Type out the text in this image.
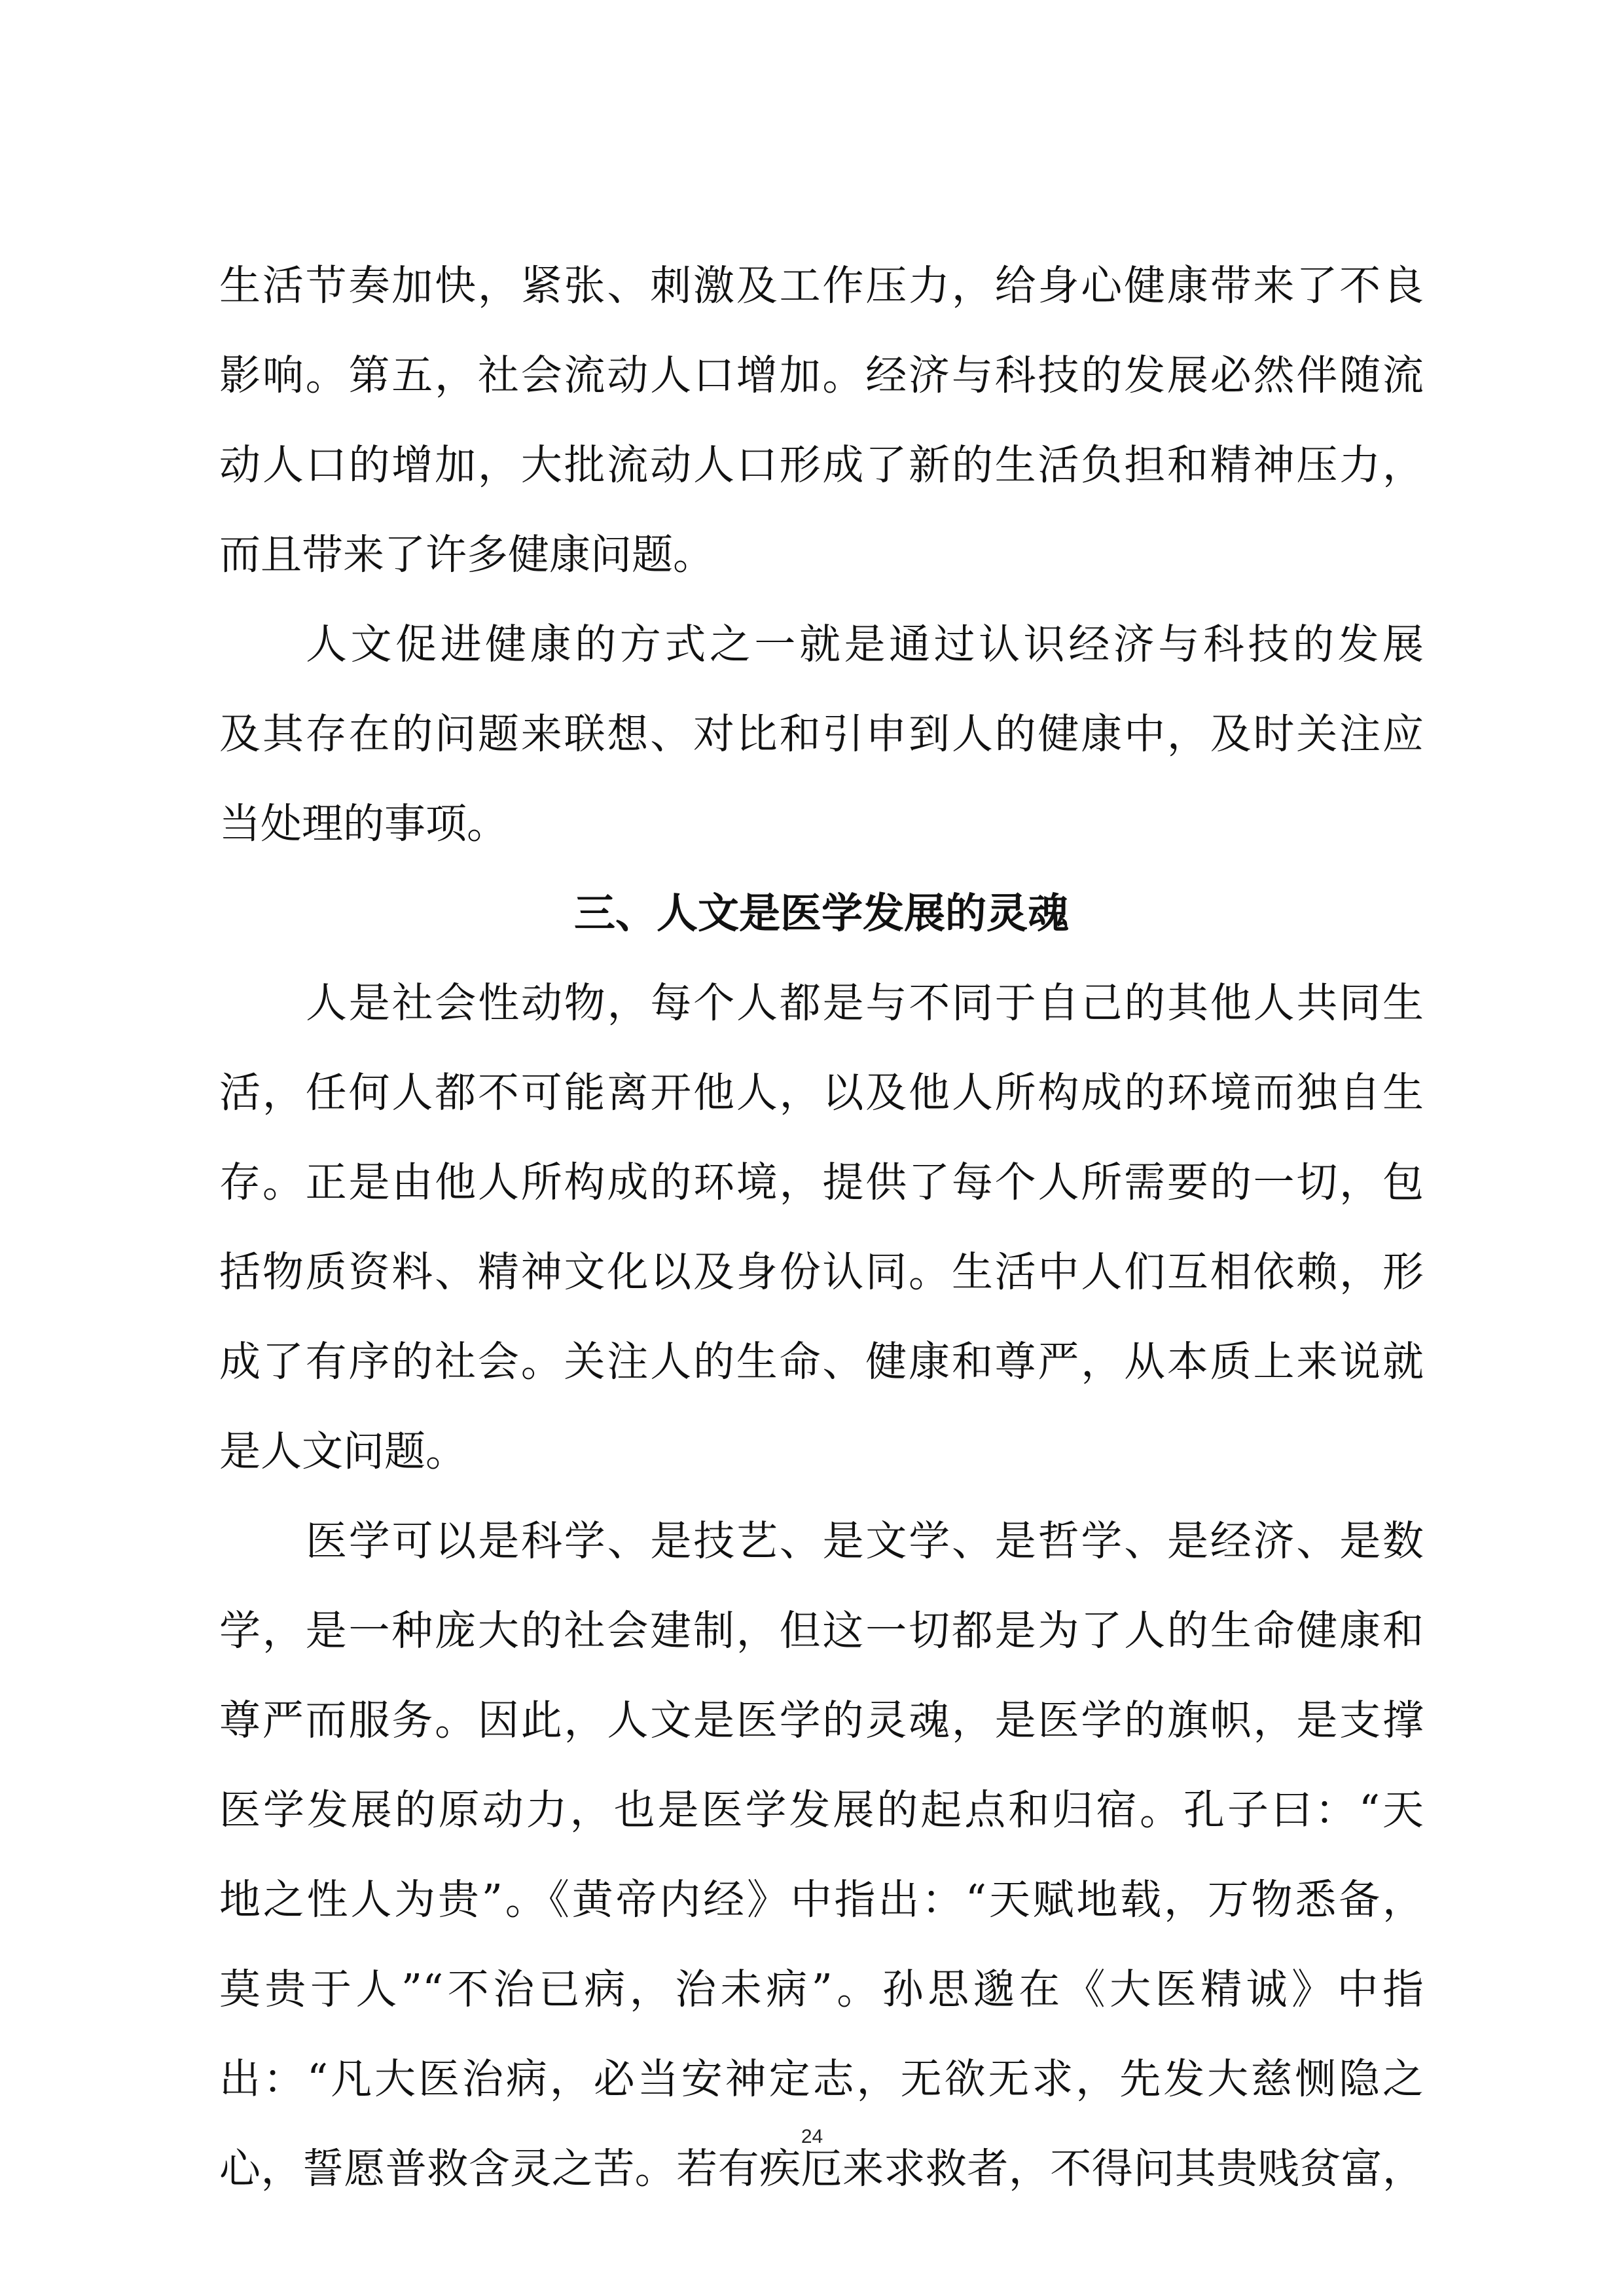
生活节奏加快，紧张、刺激及工作压力，给身心健康带来了不良
影响。第五，社会流动人口增加。经济与科技的发展必然伴随流
动人口的增加，大批流动人口形成了新的生活负担和精神压力，
而且带来了许多健康问题。
人文促进健康的方式之一就是通过认识经济与科技的发展
及其存在的问题来联想、对比和引申到人的健康中，及时关注应
当处理的事项。
三、人文是医学发展的灵魂
人是社会性动物，每个人都是与不同于自己的其他人共同生
活，任何人都不可能离开他人，以及他人所构成的环境而独自生
存。正是由他人所构成的环境，提供了每个人所需要的一切，包
括物质资料、精神文化以及身份认同。生活中人们互相依赖，形
成了有序的社会。关注人的生命、健康和尊严，从本质上来说就
是人文问题。
医学可以是科学、是技艺、是文学、是哲学、是经济、是数
学，是一种庞大的社会建制，但这一切都是为了人的生命健康和
尊严而服务。因此，人文是医学的灵魂，是医学的旗帜，是支撑
医学发展的原动力，也是医学发展的起点和归宿。孔子曰：“天
地之性人为贵”。《黄帝内经》中指出：“天赋地载，万物悉备，
莫贵于人”“不治已病，治未病”。孙思邈在《大医精诚》中指
出：“凡大医治病，必当安神定志，无欲无求，先发大慈恻隐之
心，誓愿普救含灵之苦。若有疾厄来求救者，不得问其贵贱贫富，
24
